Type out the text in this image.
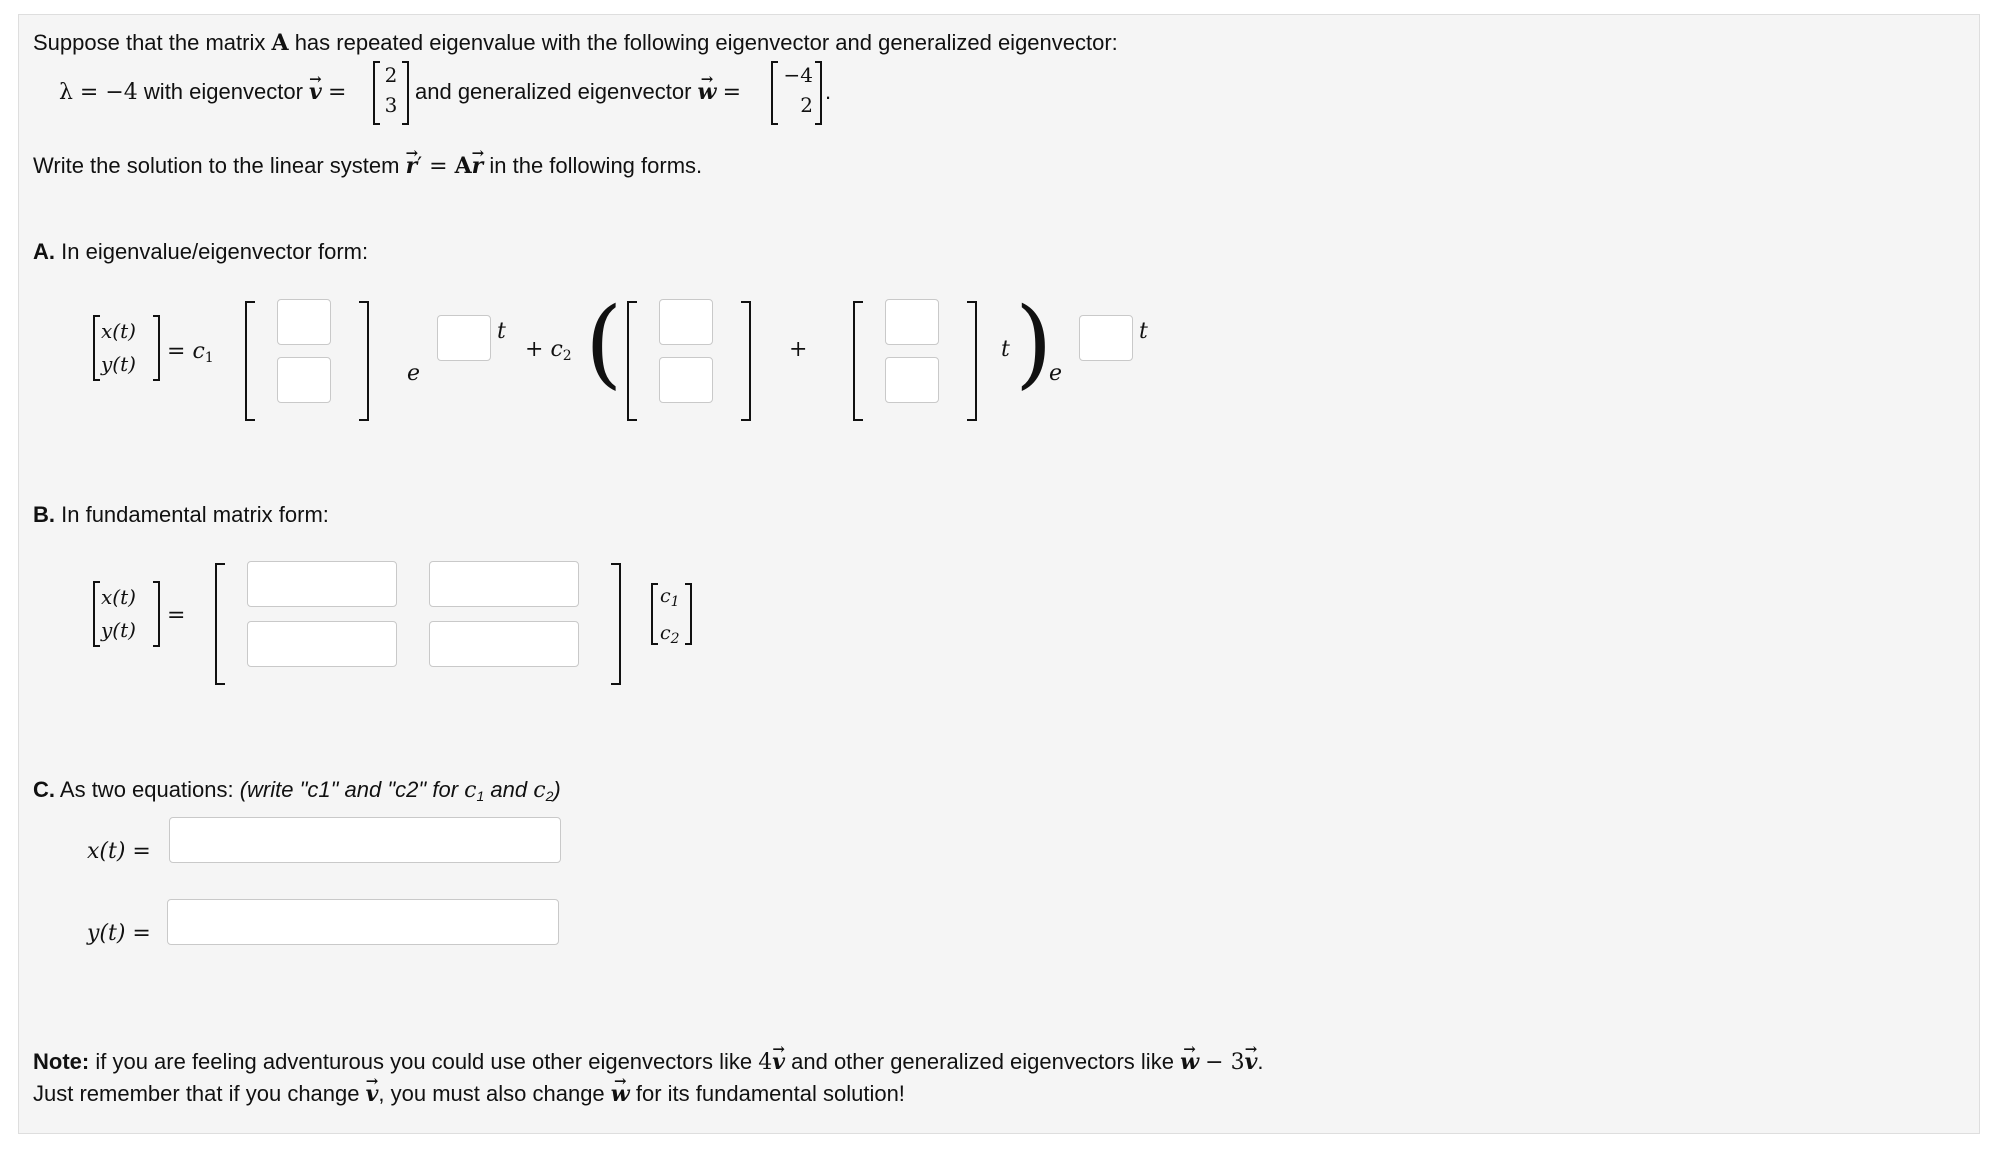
Suppose that the matrix A has repeated eigenvalue with the following eigenvector and generalized eigenvector:
λ = −4 with eigenvector → v =
2
3
and generalized eigenvector → w =
−4
2
.
Write the solution to the linear system → r′ = A→ r in the following forms.
A. In eigenvalue/eigenvector form:
x(t)
$y(t) = c_1$
e
t
+ $c_2$ (	+	t )
e
t
B. In fundamental matrix form:
x(t)
y(t)
=
$c_1$
$c_2$
C. As two equations: (write "c1" and "c2" for $c_1$ and $c_2$)
x(t) =
y(t) =
Note: if you are feeling adventurous you could use other eigenvectors like 4→ v and other generalized eigenvectors like → w − 3→ v.
Just remember that if you change → v, you must also change → w for its fundamental solution!
